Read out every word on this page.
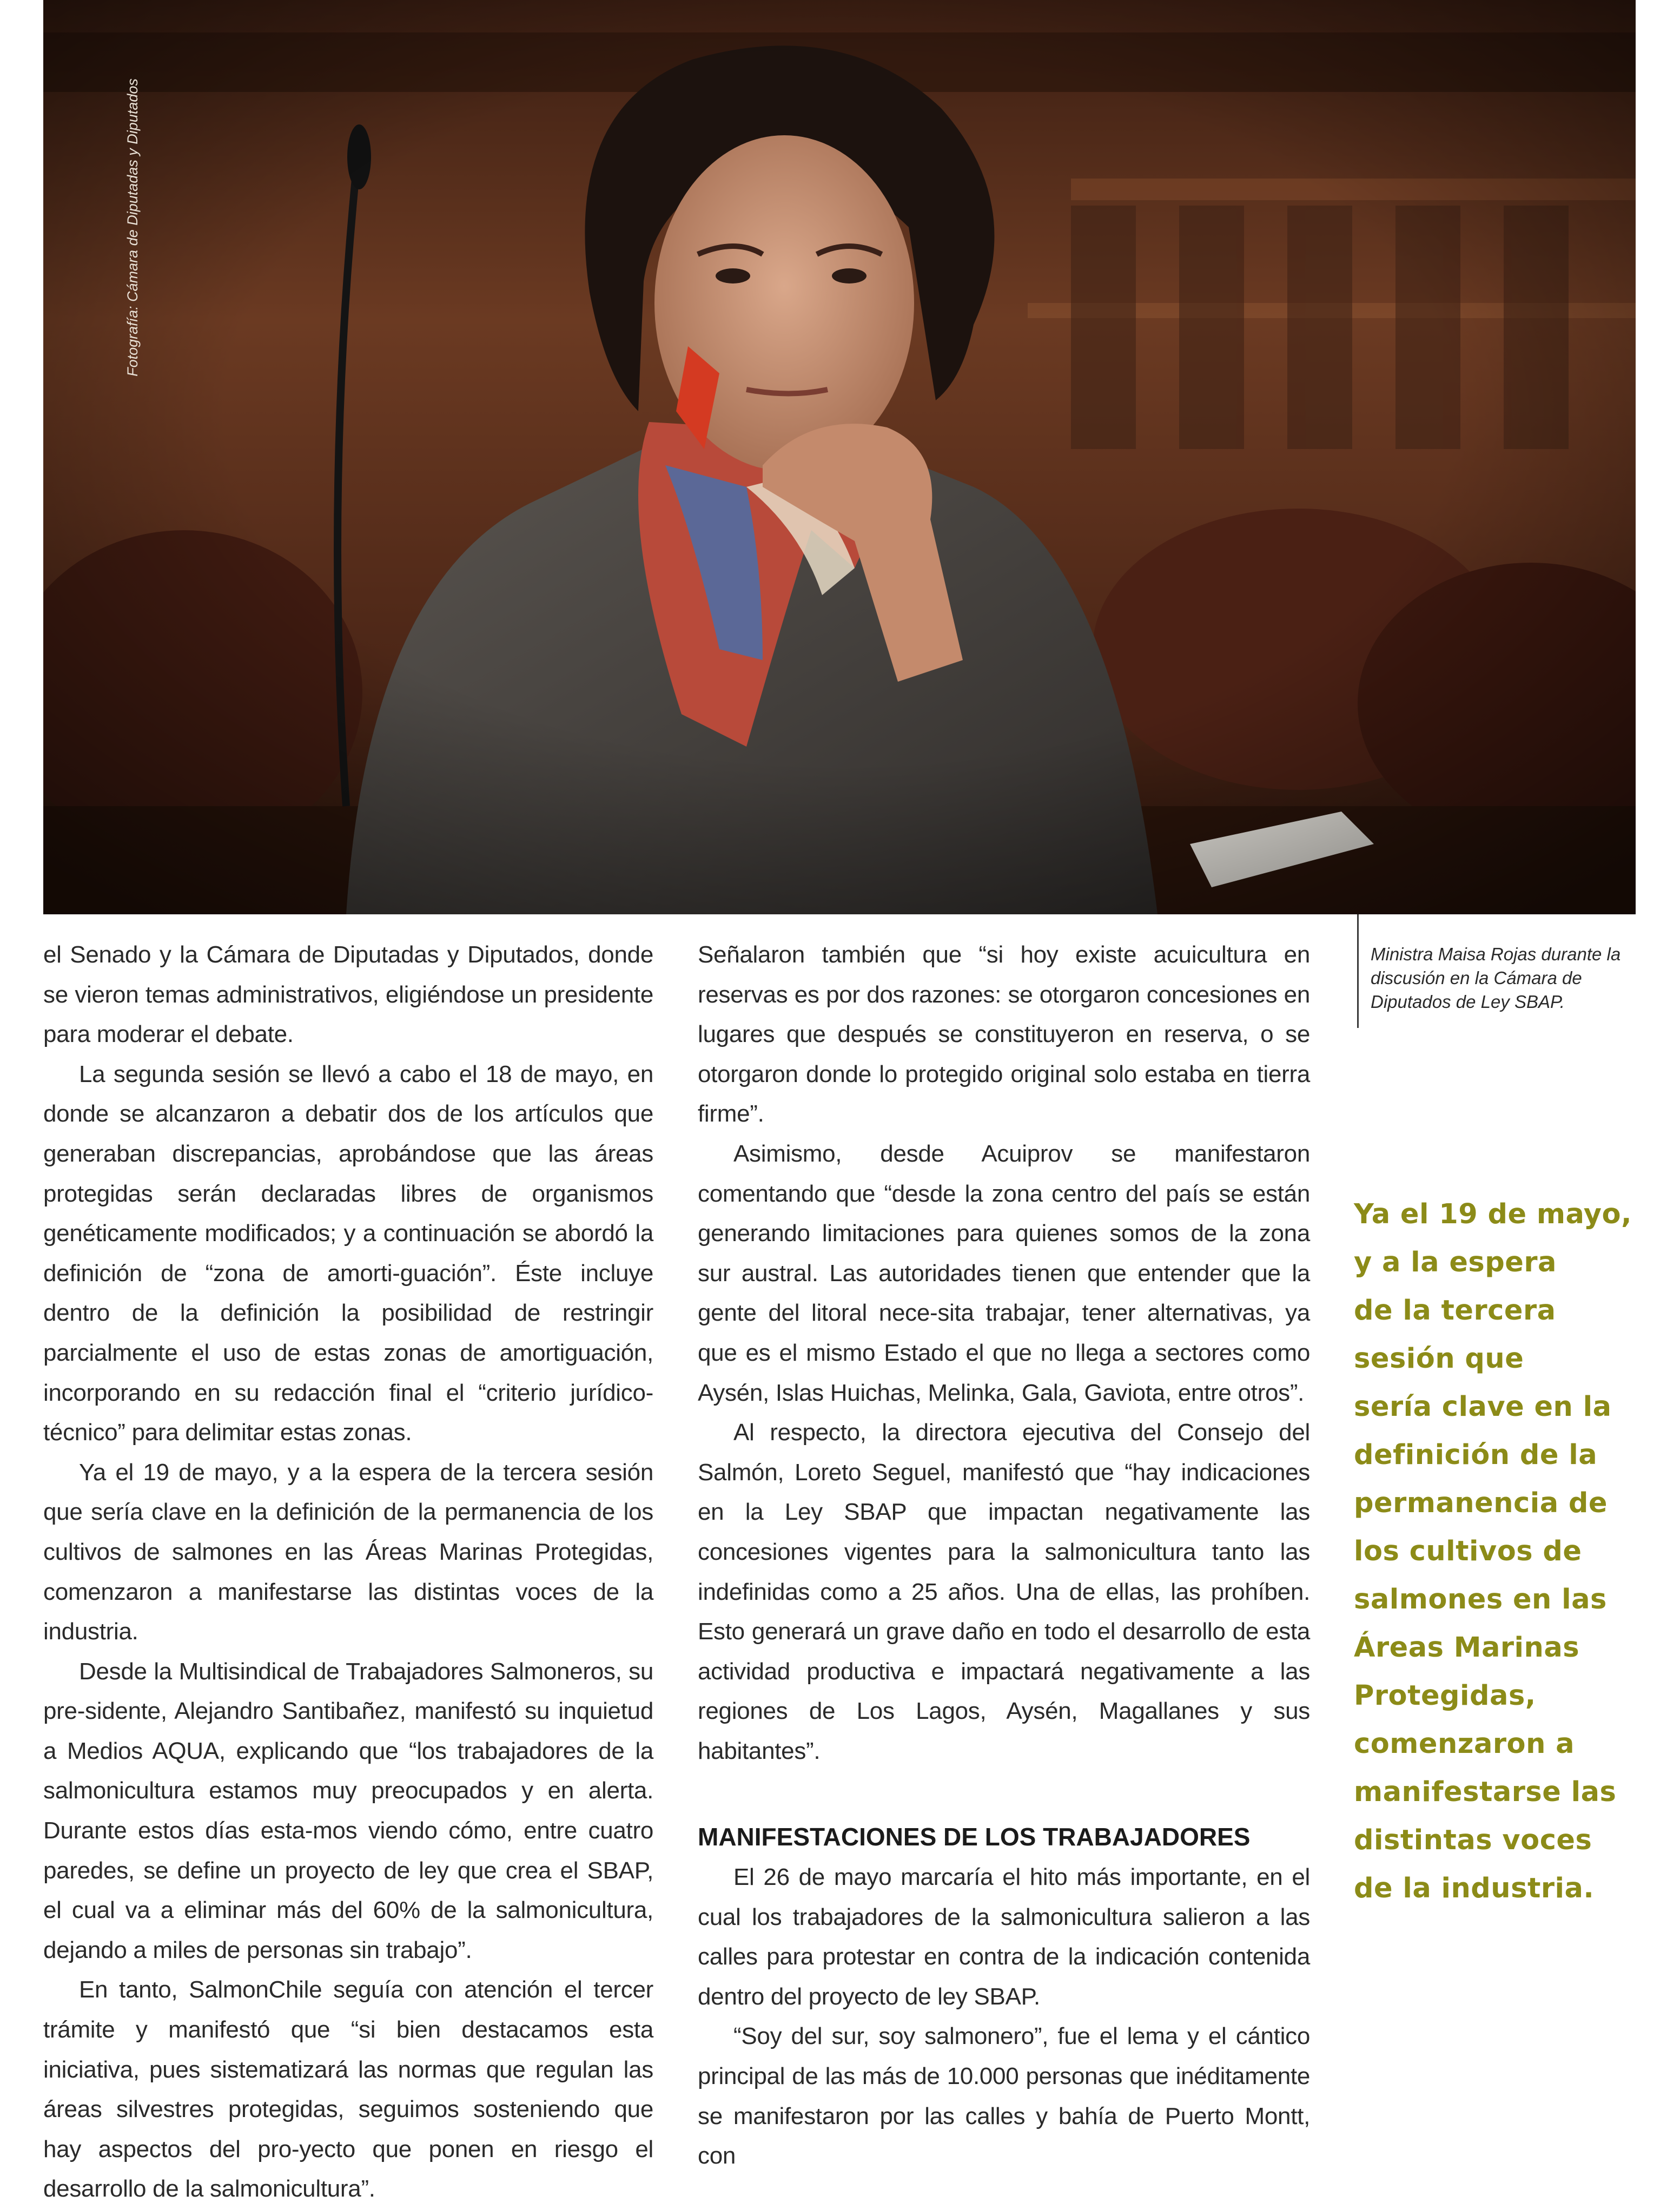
Fotografía: Cámara de Diputadas y Diputados

el Senado y la Cámara de Diputadas y Diputados, donde se vieron temas administrativos, eligiéndose un presidente para moderar el debate.

La segunda sesión se llevó a cabo el 18 de mayo, en donde se alcanzaron a debatir dos de los artículos que generaban discrepancias, aprobándose que las áreas protegidas serán declaradas libres de organismos genéticamente modificados; y a continuación se abordó la definición de “zona de amorti-guación”. Éste incluye dentro de la definición la posibilidad de restringir parcialmente el uso de estas zonas de amortiguación, incorporando en su redacción final el “criterio jurídico-técnico” para delimitar estas zonas.

Ya el 19 de mayo, y a la espera de la tercera sesión que sería clave en la definición de la permanencia de los cultivos de salmones en las Áreas Marinas Protegidas, comenzaron a manifestarse las distintas voces de la industria.

Desde la Multisindical de Trabajadores Salmoneros, su pre-sidente, Alejandro Santibañez, manifestó su inquietud a Medios AQUA, explicando que “los trabajadores de la salmonicultura estamos muy preocupados y en alerta. Durante estos días esta-mos viendo cómo, entre cuatro paredes, se define un proyecto de ley que crea el SBAP, el cual va a eliminar más del 60% de la salmonicultura, dejando a miles de personas sin trabajo”.

En tanto, SalmonChile seguía con atención el tercer trámite y manifestó que “si bien destacamos esta iniciativa, pues sistematizará las normas que regulan las áreas silvestres protegidas, seguimos sosteniendo que hay aspectos del pro-yecto que ponen en riesgo el desarrollo de la salmonicultura”.

Señalaron también que “si hoy existe acuicultura en reservas es por dos razones: se otorgaron concesiones en lugares que después se constituyeron en reserva, o se otorgaron donde lo protegido original solo estaba en tierra firme”.

Asimismo, desde Acuiprov se manifestaron comentando que “desde la zona centro del país se están generando limitaciones para quienes somos de la zona sur austral. Las autoridades tienen que entender que la gente del litoral nece-sita trabajar, tener alternativas, ya que es el mismo Estado el que no llega a sectores como Aysén, Islas Huichas, Melinka, Gala, Gaviota, entre otros”.

Al respecto, la directora ejecutiva del Consejo del Salmón, Loreto Seguel, manifestó que “hay indicaciones en la Ley SBAP que impactan negativamente las concesiones vigentes para la salmonicultura tanto las indefinidas como a 25 años. Una de ellas, las prohíben. Esto generará un grave daño en todo el desarrollo de esta actividad productiva e impactará negativamente a las regiones de Los Lagos, Aysén, Magallanes y sus habitantes”.

MANIFESTACIONES DE LOS TRABAJADORES

El 26 de mayo marcaría el hito más importante, en el cual los trabajadores de la salmonicultura salieron a las calles para protestar en contra de la indicación contenida dentro del proyecto de ley SBAP.

“Soy del sur, soy salmonero”, fue el lema y el cántico principal de las más de 10.000 personas que inéditamente se manifestaron por las calles y bahía de Puerto Montt, con

Ministra Maisa Rojas durante la discusión en la Cámara de Diputados de Ley SBAP.
Ya el 19 de mayo,
y a la espera
de la tercera
sesión que
sería clave en la
definición de la
permanencia de
los cultivos de
salmones en las
Áreas Marinas
Protegidas,
comenzaron a
manifestarse las
distintas voces
de la industria.
